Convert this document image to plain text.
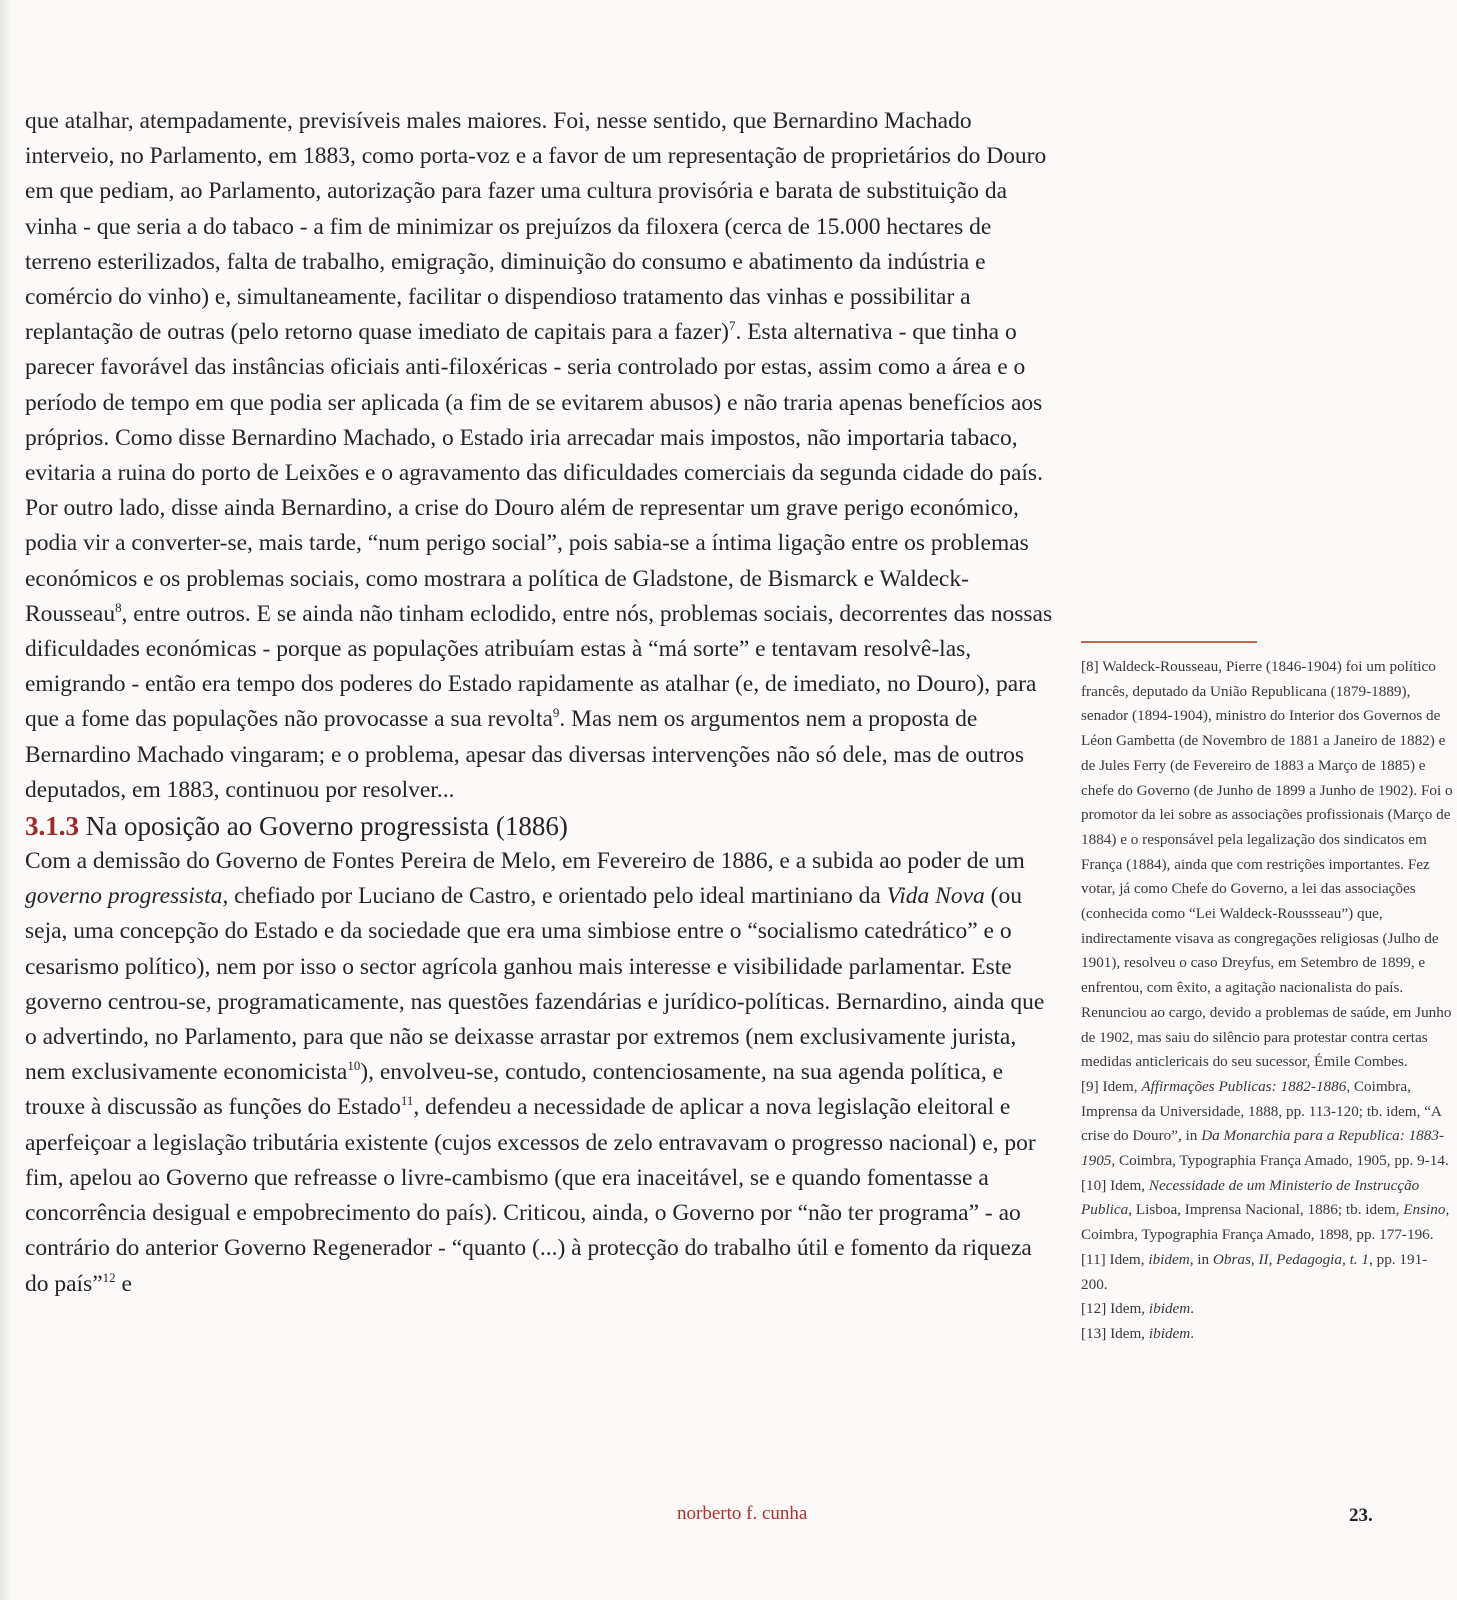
que atalhar, atempadamente, previsíveis males maiores. Foi, nesse sentido, que Bernardino Machado interveio, no Parlamento, em 1883, como porta-voz e a favor de um representação de proprietários do Douro em que pediam, ao Parlamento, autorização para fazer uma cultura provisória e barata de substituição da vinha - que seria a do tabaco - a fim de minimizar os prejuízos da filoxera (cerca de 15.000 hectares de terreno esterilizados, falta de trabalho, emigração, diminuição do consumo e abatimento da indústria e comércio do vinho) e, simultaneamente, facilitar o dispendioso tratamento das vinhas e possibilitar a replantação de outras (pelo retorno quase imediato de capitais para a fazer)$^7$. Esta alternativa - que tinha o parecer favorável das instâncias oficiais anti-filoxéricas - seria controlado por estas, assim como a área e o período de tempo em que podia ser aplicada (a fim de se evitarem abusos) e não traria apenas benefícios aos próprios. Como disse Bernardino Machado, o Estado iria arrecadar mais impostos, não importaria tabaco, evitaria a ruina do porto de Leixões e o agravamento das dificuldades comerciais da segunda cidade do país. Por outro lado, disse ainda Bernardino, a crise do Douro além de representar um grave perigo económico, podia vir a converter-se, mais tarde, “num perigo social”, pois sabia-se a íntima ligação entre os problemas económicos e os problemas sociais, como mostrara a política de Gladstone, de Bismarck e Waldeck-Rousseau$^8$, entre outros. E se ainda não tinham eclodido, entre nós, problemas sociais, decorrentes das nossas dificuldades económicas - porque as populações atribuíam estas à “má sorte” e tentavam resolvê-las, emigrando - então era tempo dos poderes do Estado rapidamente as atalhar (e, de imediato, no Douro), para que a fome das populações não provocasse a sua revolta$^9$. Mas nem os argumentos nem a proposta de Bernardino Machado vingaram; e o problema, apesar das diversas intervenções não só dele, mas de outros deputados, em 1883, continuou por resolver...

3.1.3 Na oposição ao Governo progressista (1886)

Com a demissão do Governo de Fontes Pereira de Melo, em Fevereiro de 1886, e a subida ao poder de um governo progressista, chefiado por Luciano de Castro, e orientado pelo ideal martiniano da Vida Nova (ou seja, uma concepção do Estado e da sociedade que era uma simbiose entre o “socialismo catedrático” e o cesarismo político), nem por isso o sector agrícola ganhou mais interesse e visibilidade parlamentar. Este governo centrou-se, programaticamente, nas questões fazendárias e jurídico-políticas. Bernardino, ainda que o advertindo, no Parlamento, para que não se deixasse arrastar por extremos (nem exclusivamente jurista, nem exclusivamente economicista$^{10}$), envolveu-se, contudo, contenciosamente, na sua agenda política, e trouxe à discussão as funções do Estado$^{11}$, defendeu a necessidade de aplicar a nova legislação eleitoral e aperfeiçoar a legislação tributária existente (cujos excessos de zelo entravavam o progresso nacional) e, por fim, apelou ao Governo que refreasse o livre-cambismo (que era inaceitável, se e quando fomentasse a concorrência desigual e empobrecimento do país). Criticou, ainda, o Governo por “não ter programa” - ao contrário do anterior Governo Regenerador - “quanto (...) à protecção do trabalho útil e fomento da riqueza do país”$^{12}$ e

[8] Waldeck-Rousseau, Pierre (1846-1904) foi um político francês, deputado da União Republicana (1879-1889), senador (1894-1904), ministro do Interior dos Governos de Léon Gambetta (de Novembro de 1881 a Janeiro de 1882) e de Jules Ferry (de Fevereiro de 1883 a Março de 1885) e chefe do Governo (de Junho de 1899 a Junho de 1902). Foi o promotor da lei sobre as associações profissionais (Março de 1884) e o responsável pela legalização dos sindicatos em França (1884), ainda que com restrições importantes. Fez votar, já como Chefe do Governo, a lei das associações (conhecida como “Lei Waldeck-Roussseau”) que, indirectamente visava as congregações religiosas (Julho de 1901), resolveu o caso Dreyfus, em Setembro de 1899, e enfrentou, com êxito, a agitação nacionalista do país. Renunciou ao cargo, devido a problemas de saúde, em Junho de 1902, mas saiu do silêncio para protestar contra certas medidas anticlericais do seu sucessor, Émile Combes.

[9] Idem, Affirmações Publicas: 1882-1886, Coimbra, Imprensa da Universidade, 1888, pp. 113-120; tb. idem, “A crise do Douro”, in Da Monarchia para a Republica: 1883-1905, Coimbra, Typographia França Amado, 1905, pp. 9-14.

[10] Idem, Necessidade de um Ministerio de Instrucção Publica, Lisboa, Imprensa Nacional, 1886; tb. idem, Ensino, Coimbra, Typographia França Amado, 1898, pp. 177-196.

[11] Idem, ibidem, in Obras, II, Pedagogia, t. 1, pp. 191-200.

[12] Idem, ibidem.

[13] Idem, ibidem.

norberto f. cunha	23.
